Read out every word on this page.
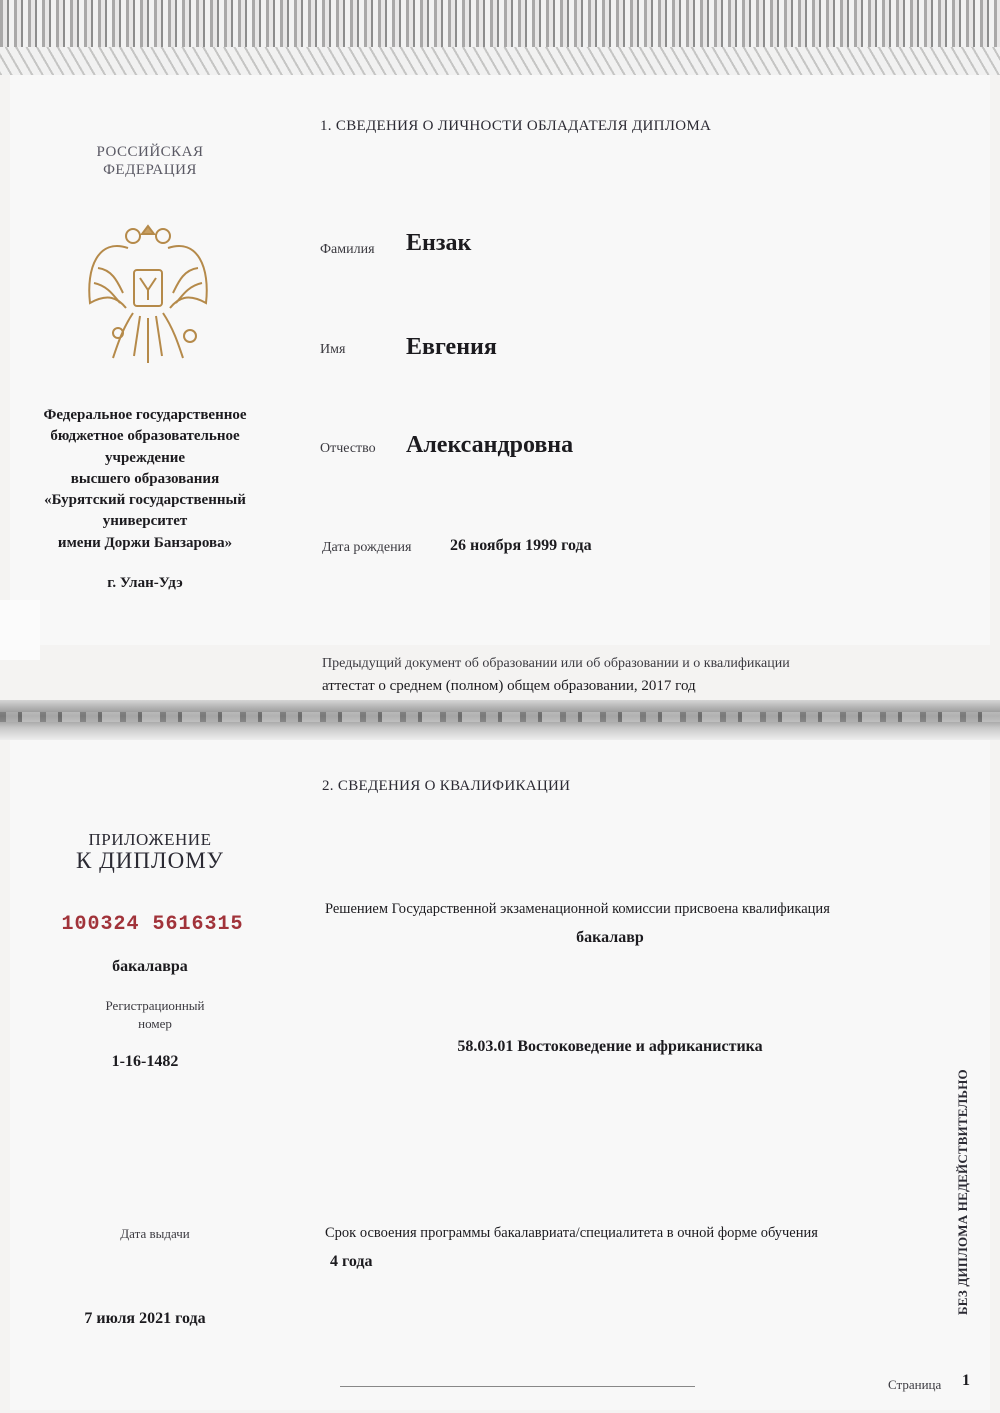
РОССИЙСКАЯ ФЕДЕРАЦИЯ
Федеральное государственное
бюджетное образовательное
учреждение
высшего образования
«Бурятский государственный
университет
имени Доржи Банзарова»
г. Улан-Удэ
1. СВЕДЕНИЯ О ЛИЧНОСТИ ОБЛАДАТЕЛЯ ДИПЛОМА
Фамилия Ензак
Имя	Евгения
Отчество Александровна
Дата рождения 26 ноября 1999 года
Предыдущий документ об образовании или об образовании и о квалификации
аттестат о среднем (полном) общем образовании, 2017 год
ПРИЛОЖЕНИЕ
К ДИПЛОМУ
100324 5616315
бакалавра
Регистрационный номер
1-16-1482
Дата выдачи
7 июля 2021 года
2. СВЕДЕНИЯ О КВАЛИФИКАЦИИ
Решением Государственной экзаменационной комиссии присвоена квалификация
бакалавр
58.03.01 Востоковедение и африканистика
Срок освоения программы бакалавриата/специалитета в очной форме обучения
4 года	БЕЗ ДИПЛОМА НЕДЕЙСТВИТЕЛЬНО
Страница 1
